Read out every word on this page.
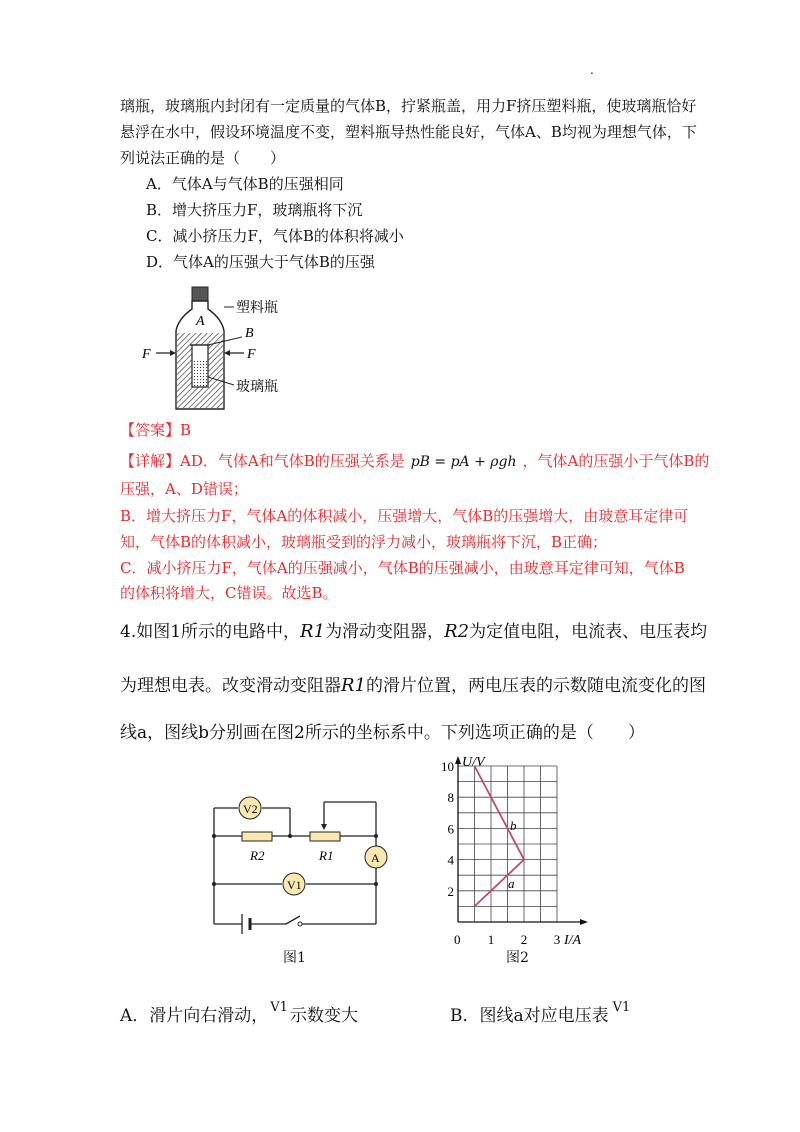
.
璃瓶，玻璃瓶内封闭有一定质量的气体B，拧紧瓶盖，用力F挤压塑料瓶，使玻璃瓶恰好
悬浮在水中，假设环境温度不变，塑料瓶导热性能良好，气体A、B均视为理想气体，下
列说法正确的是（　　）
A．气体A与气体B的压强相同
B．增大挤压力F，玻璃瓶将下沉
C．减小挤压力F，气体B的体积将减小
D．气体A的压强大于气体B的压强
塑料瓶
A
B
F	F
玻璃瓶
【答案】B
【详解】AD．气体A和气体B的压强关系是 pB = pA + ρgh ，气体A的压强小于气体B的
压强，A、D错误；
B．增大挤压力F，气体A的体积减小，压强增大，气体B的压强增大，由玻意耳定律可
知，气体B的体积减小，玻璃瓶受到的浮力减小，玻璃瓶将下沉，B正确；
C．减小挤压力F，气体A的压强减小，气体B的压强减小，由玻意耳定律可知，气体B
的体积将增大，C错误。故选B。
4.如图1所示的电路中，R1为滑动变阻器，R2为定值电阻，电流表、电压表均
为理想电表。改变滑动变阻器R1的滑片位置，两电压表的示数随电流变化的图
线a，图线b分别画在图2所示的坐标系中。下列选项正确的是（　　）
V2
V1
A
R2	R1
图1
2
4
6
8
10
1 2 3
U/V
I/A
0
b
a
图2
A．滑片向右滑动， $^{V1}$ 示数变大	B．图线a对应电压表 $^{V1}$
